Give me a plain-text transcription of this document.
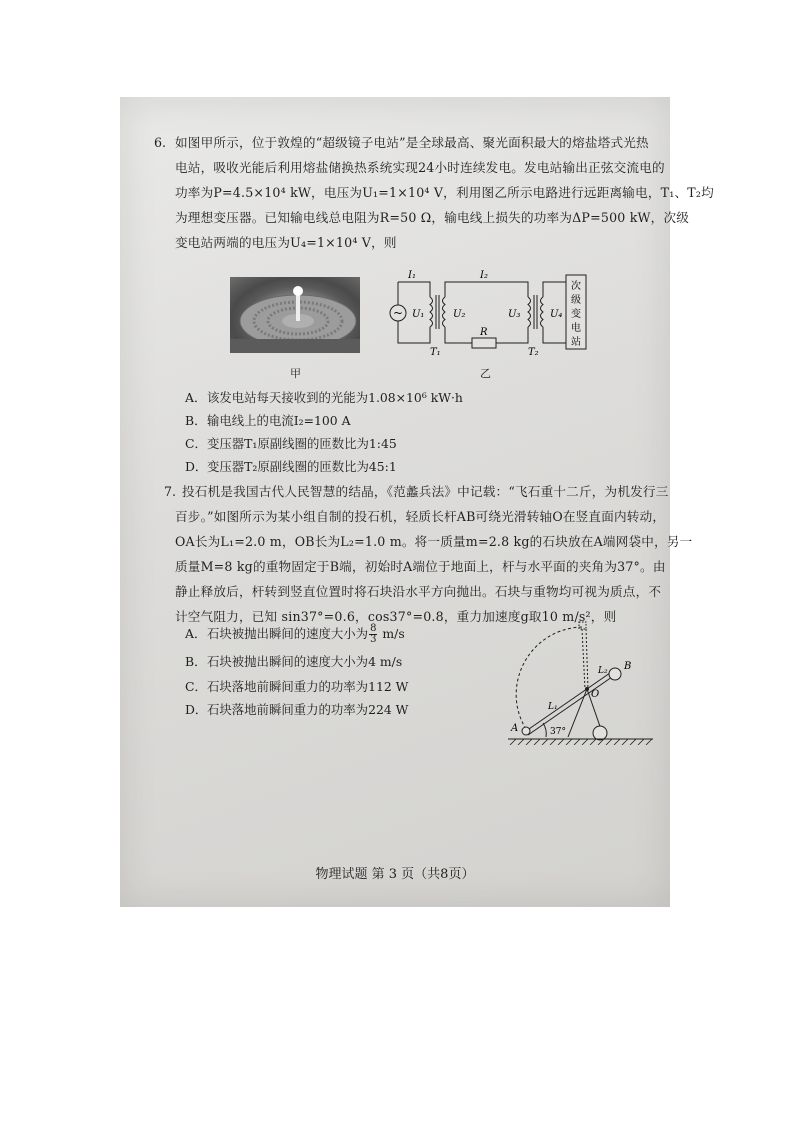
6. 如图甲所示，位于敦煌的“超级镜子电站”是全球最高、聚光面积最大的熔盐塔式光热
电站，吸收光能后利用熔盐储换热系统实现24小时连续发电。发电站输出正弦交流电的
功率为P=4.5×10⁴ kW，电压为U₁=1×10⁴ V，利用图乙所示电路进行远距离输电，T₁、T₂均
为理想变压器。已知输电线总电阻为R=50 Ω，输电线上损失的功率为ΔP=500 kW，次级
变电站两端的电压为U₄=1×10⁴ V，则
甲
~
I₁	I₂
U₁	U₂	U₃	U₄
T₁	T₂
R
次
级
变
电
站
乙
A．该发电站每天接收到的光能为1.08×10⁶ kW·h
B．输电线上的电流I₂=100 A
C．变压器T₁原副线圈的匝数比为1:45
D．变压器T₂原副线圈的匝数比为45:1
7. 投石机是我国古代人民智慧的结晶，《范蠡兵法》中记载：“飞石重十二斤，为机发行三
百步。”如图所示为某小组自制的投石机，轻质长杆AB可绕光滑转轴O在竖直面内转动，
OA长为L₁=2.0 m，OB长为L₂=1.0 m。将一质量m=2.8 kg的石块放在A端网袋中，另一
质量M=8 kg的重物固定于B端，初始时A端位于地面上，杆与水平面的夹角为37°。由
静止释放后，杆转到竖直位置时将石块沿水平方向抛出。石块与重物均可视为质点，不
计空气阻力，已知 sin37°=0.6，cos37°=0.8，重力加速度g取10 m/s²，则
A．石块被抛出瞬间的速度大小为 $\frac{8}{3} m/s$
B．石块被抛出瞬间的速度大小为4 m/s
C．石块落地前瞬间重力的功率为112 W
D．石块落地前瞬间重力的功率为224 W
A
B
O
L₁
L₂
37°
物理试题 第 3 页（共8页）
